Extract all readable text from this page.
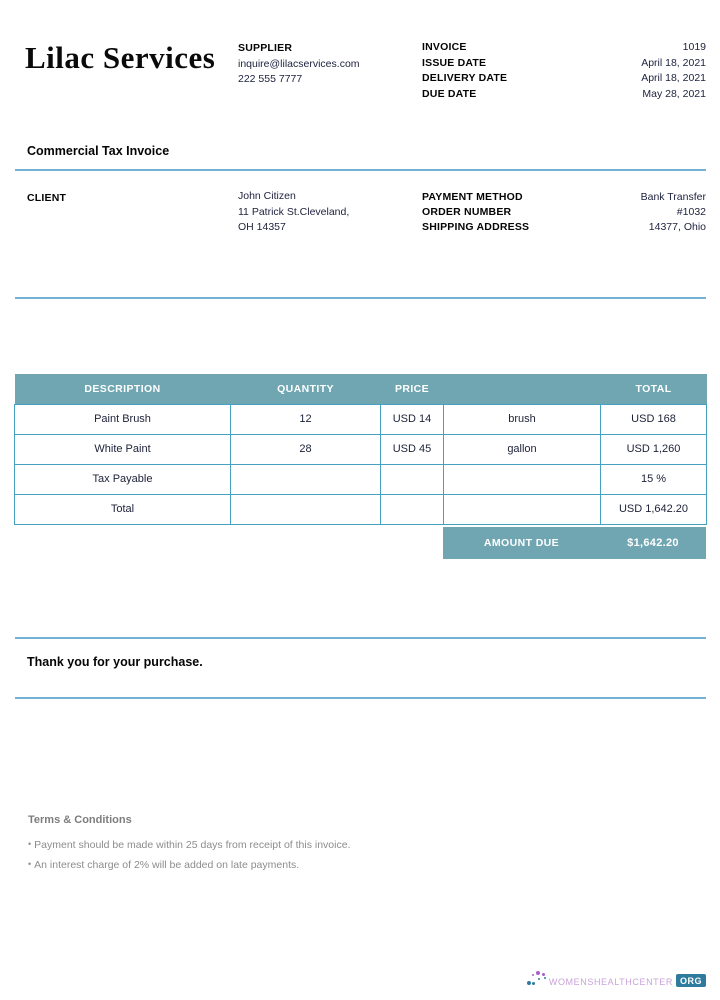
Lilac Services SUPPLIER
inquire@lilacservices.com
222 555 7777
INVOICE	1019
ISSUE DATE	April 18, 2021
DELIVERY DATE	April 18, 2021
DUE DATE	May 28, 2021
Commercial Tax Invoice
CLIENT	John Citizen
11 Patrick St.Cleveland,
OH 14357
PAYMENT METHOD	Bank Transfer
ORDER NUMBER	#1032
SHIPPING ADDRESS	14377, Ohio
DESCRIPTION	QUANTITY	PRICE		TOTAL
Paint Brush	12	USD 14	brush	USD 168
White Paint	28	USD 45	gallon	USD 1,260
Tax Payable				15 %
Total				USD 1,642.20
AMOUNT DUE	$1,642.20
Thank you for your purchase.
Terms & Conditions
• Payment should be made within 25 days from receipt of this invoice.
• An interest charge of 2% will be added on late payments.
WOMENSHEALTHCENTER ORG
